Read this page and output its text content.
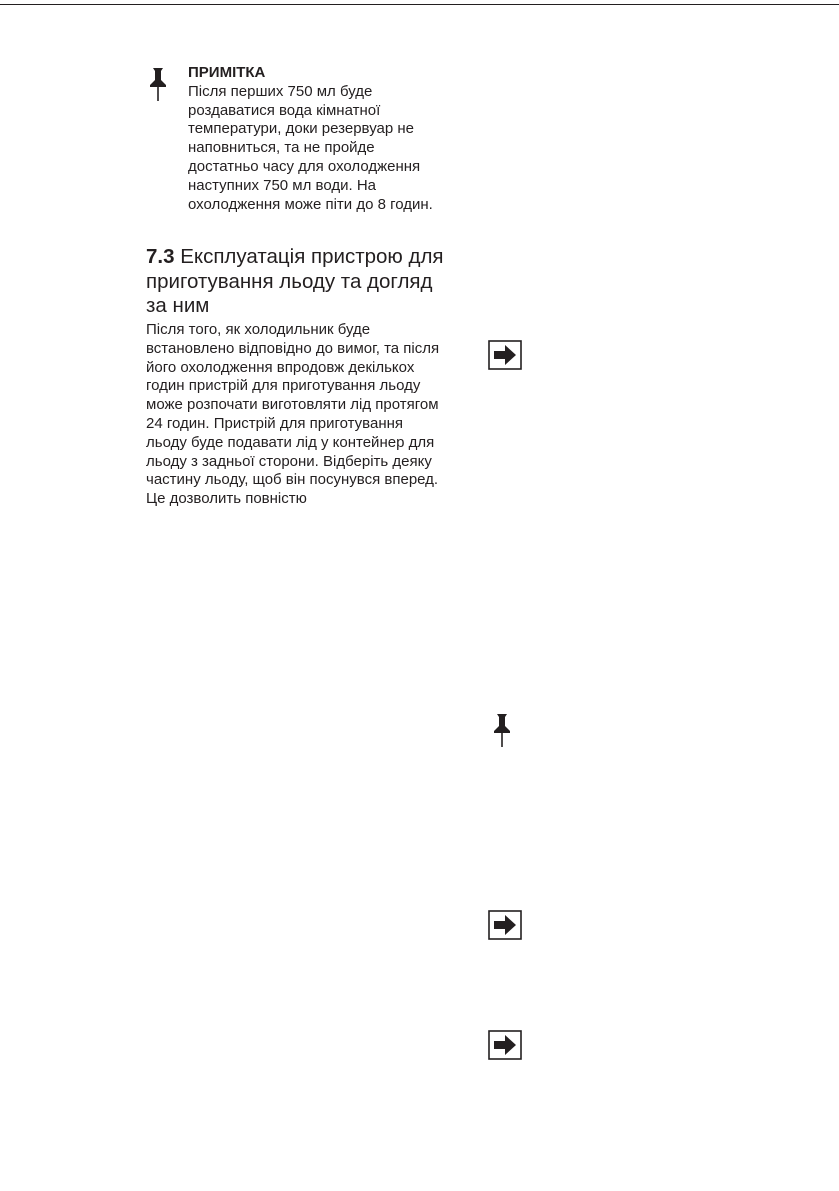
ПРИМІТКА
Після перших 750 мл буде роздаватися вода кімнатної температури, доки резервуар не наповниться, та не пройде достатньо часу для охолодження наступних 750 мл води. На охолодження може піти до 8 годин.
7.3 Експлуатація пристрою для приготування льоду та догляд за ним
Після того, як холодильник буде встановлено відповідно до вимог, та після його охолодження впродовж декількох годин пристрій для приготування льоду може розпочати виготовляти лід протягом 24 годин. Пристрій для приготування льоду буде подавати лід у контейнер для льоду з задньої сторони. Відберіть деяку частину льоду, щоб він посунувся вперед. Це дозволить повністю
